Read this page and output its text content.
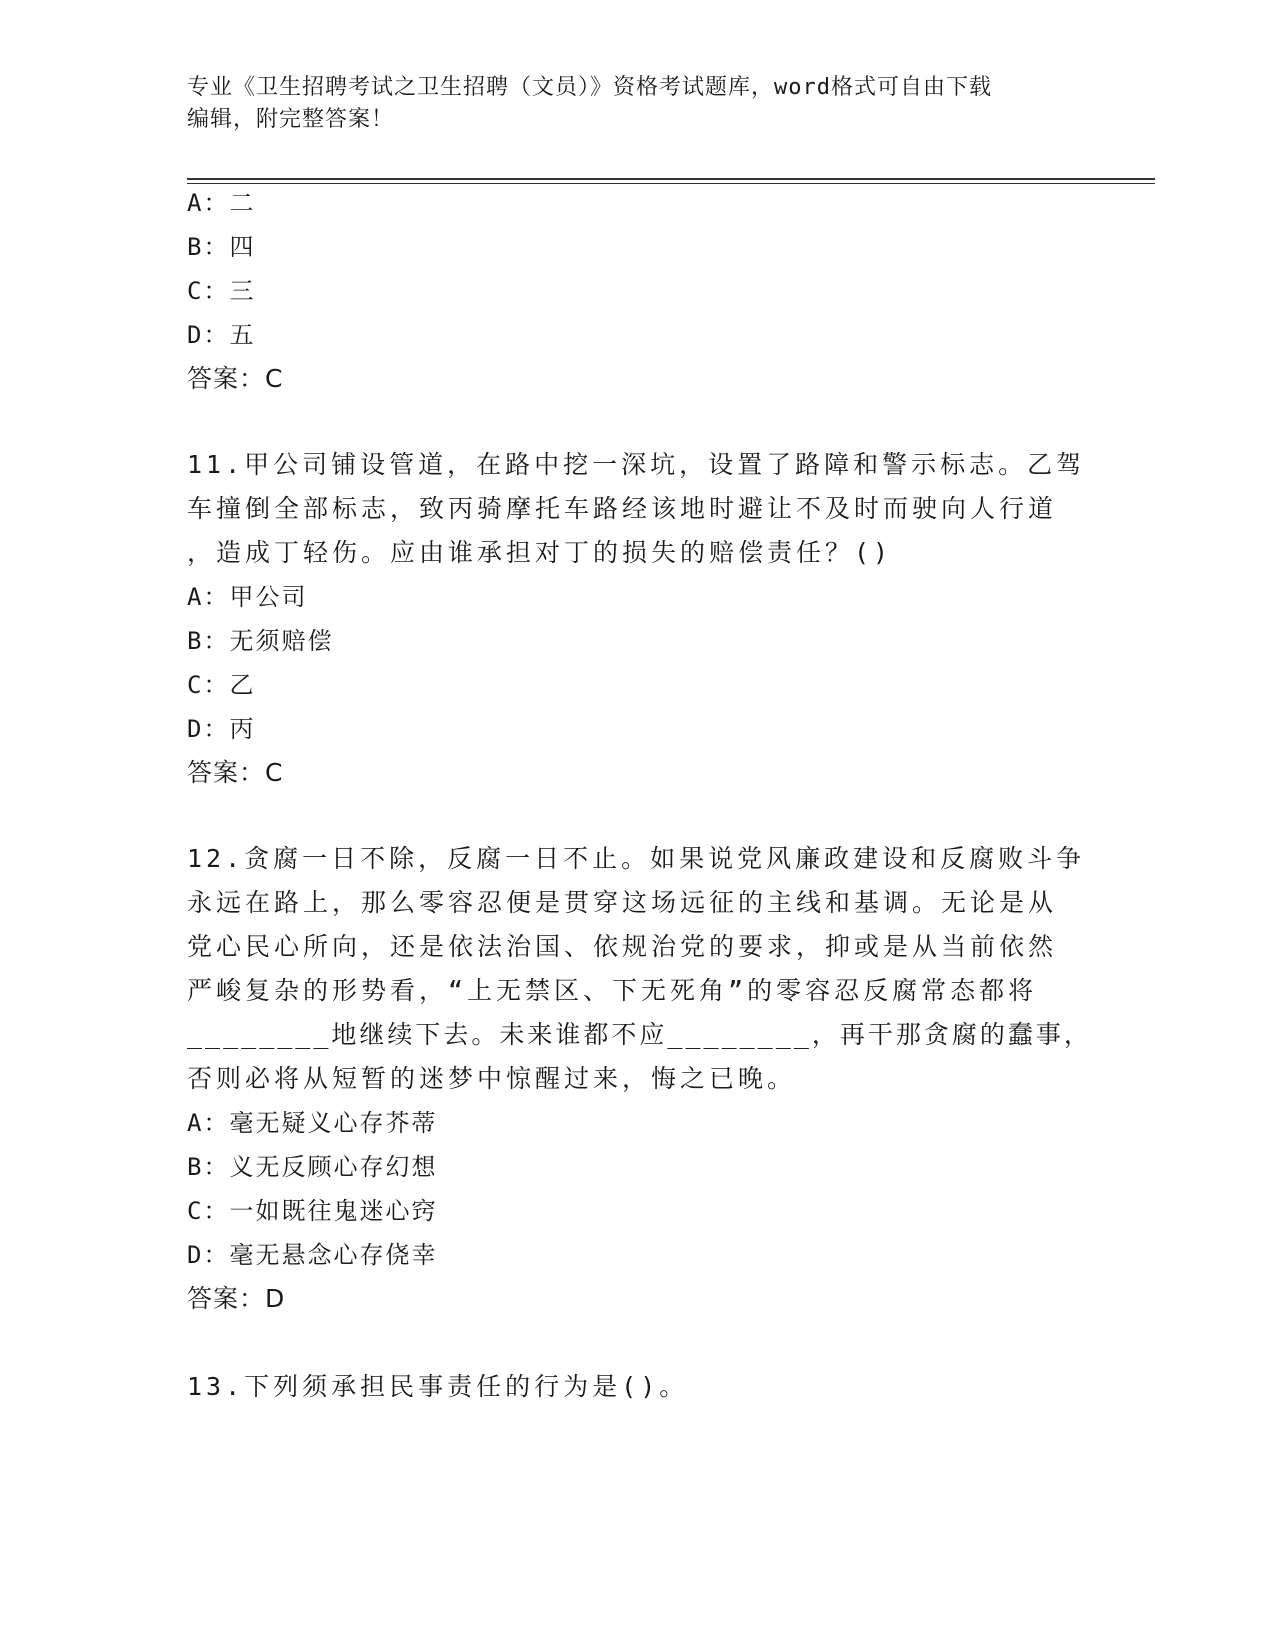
专业《卫生招聘考试之卫生招聘（文员）》资格考试题库，word格式可自由下载
编辑，附完整答案！
A：二
B：四
C：三
D：五
答案：C
11.甲公司铺设管道，在路中挖一深坑，设置了路障和警示标志。乙驾
车撞倒全部标志，致丙骑摩托车路经该地时避让不及时而驶向人行道
，造成丁轻伤。应由谁承担对丁的损失的赔偿责任？()
A：甲公司
B：无须赔偿
C：乙
D：丙
答案：C
12.贪腐一日不除，反腐一日不止。如果说党风廉政建设和反腐败斗争
永远在路上，那么零容忍便是贯穿这场远征的主线和基调。无论是从
党心民心所向，还是依法治国、依规治党的要求，抑或是从当前依然
严峻复杂的形势看，“上无禁区、下无死角”的零容忍反腐常态都将
________地继续下去。未来谁都不应________，再干那贪腐的蠢事，
否则必将从短暂的迷梦中惊醒过来，悔之已晚。
A：毫无疑义心存芥蒂
B：义无反顾心存幻想
C：一如既往鬼迷心窍
D：毫无悬念心存侥幸
答案：D
13.下列须承担民事责任的行为是()。
